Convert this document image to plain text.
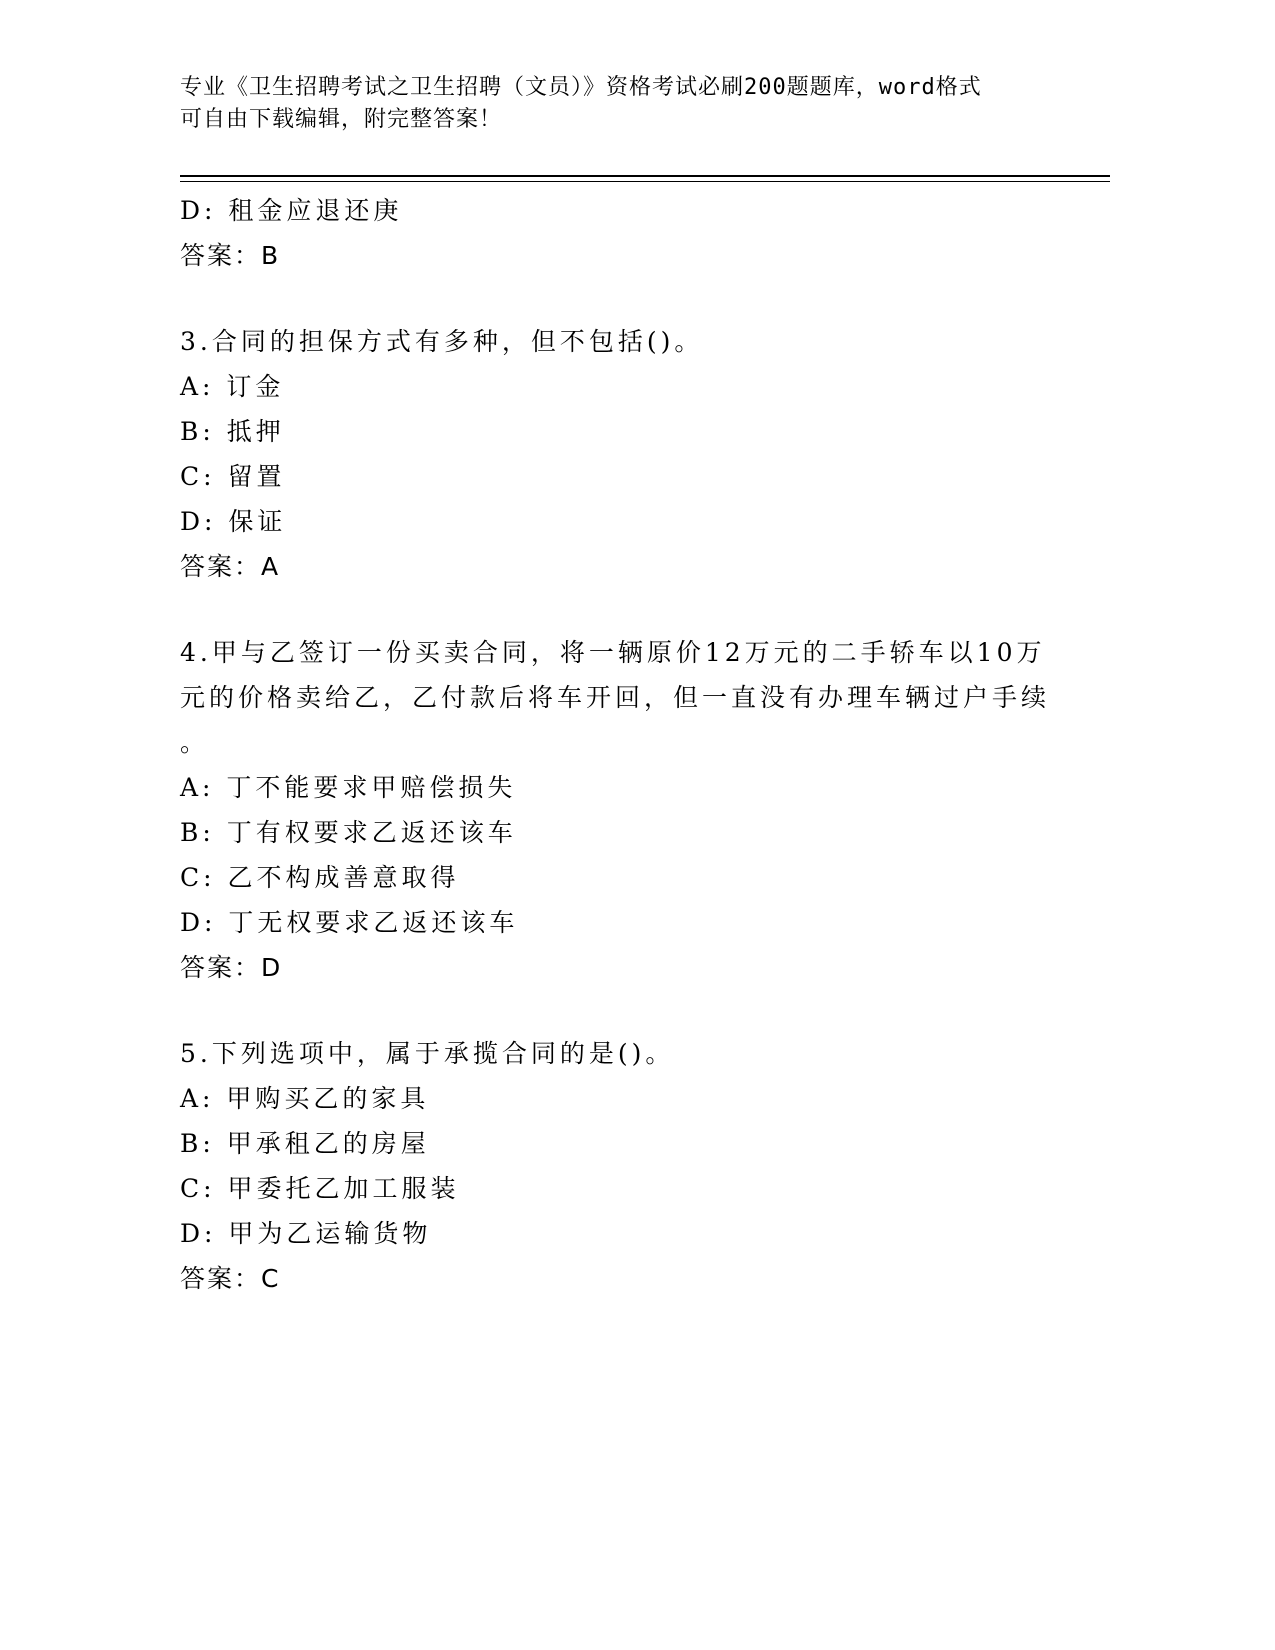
专业《卫生招聘考试之卫生招聘（文员）》资格考试必刷200题题库，word格式
可自由下载编辑，附完整答案！
D: 租金应退还庚
答案：B
3.合同的担保方式有多种，但不包括()。
A: 订金
B: 抵押
C: 留置
D: 保证
答案：A
4.甲与乙签订一份买卖合同，将一辆原价12万元的二手轿车以10万
元的价格卖给乙，乙付款后将车开回，但一直没有办理车辆过户手续
。
A: 丁不能要求甲赔偿损失
B: 丁有权要求乙返还该车
C: 乙不构成善意取得
D: 丁无权要求乙返还该车
答案：D
5.下列选项中，属于承揽合同的是()。
A: 甲购买乙的家具
B: 甲承租乙的房屋
C: 甲委托乙加工服装
D: 甲为乙运输货物
答案：C
